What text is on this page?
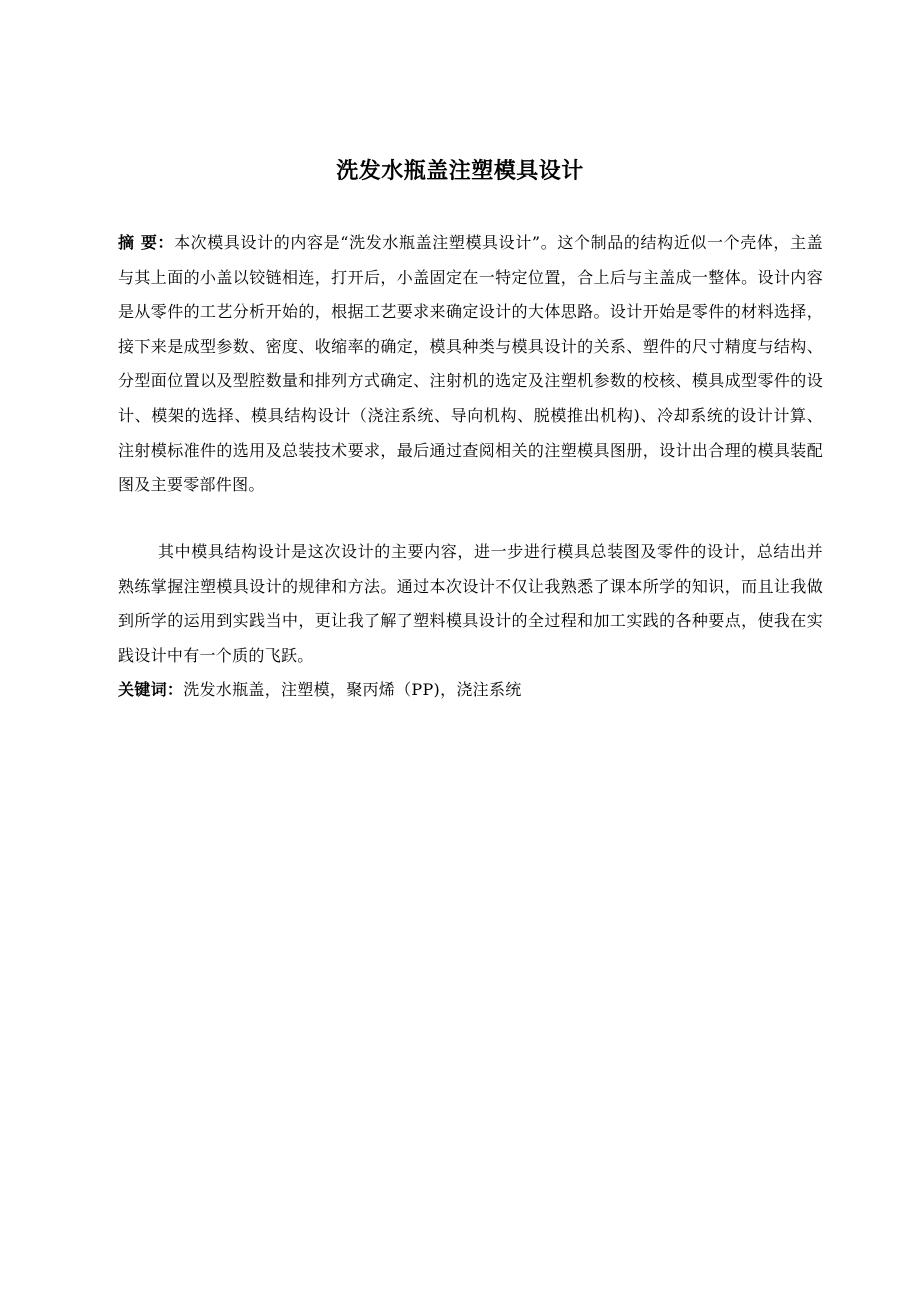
洗发水瓶盖注塑模具设计
摘 要：本次模具设计的内容是“洗发水瓶盖注塑模具设计”。这个制品的结构近似一个壳体，主盖与其上面的小盖以铰链相连，打开后，小盖固定在一特定位置，合上后与主盖成一整体。设计内容是从零件的工艺分析开始的，根据工艺要求来确定设计的大体思路。设计开始是零件的材料选择，接下来是成型参数、密度、收缩率的确定，模具种类与模具设计的关系、塑件的尺寸精度与结构、分型面位置以及型腔数量和排列方式确定、注射机的选定及注塑机参数的校核、模具成型零件的设计、模架的选择、模具结构设计（浇注系统、导向机构、脱模推出机构)、冷却系统的设计计算、注射模标准件的选用及总装技术要求，最后通过查阅相关的注塑模具图册，设计出合理的模具装配图及主要零部件图。
其中模具结构设计是这次设计的主要内容，进一步进行模具总装图及零件的设计，总结出并熟练掌握注塑模具设计的规律和方法。通过本次设计不仅让我熟悉了课本所学的知识，而且让我做到所学的运用到实践当中，更让我了解了塑料模具设计的全过程和加工实践的各种要点，使我在实践设计中有一个质的飞跃。
关键词：洗发水瓶盖，注塑模，聚丙烯（PP)，浇注系统
